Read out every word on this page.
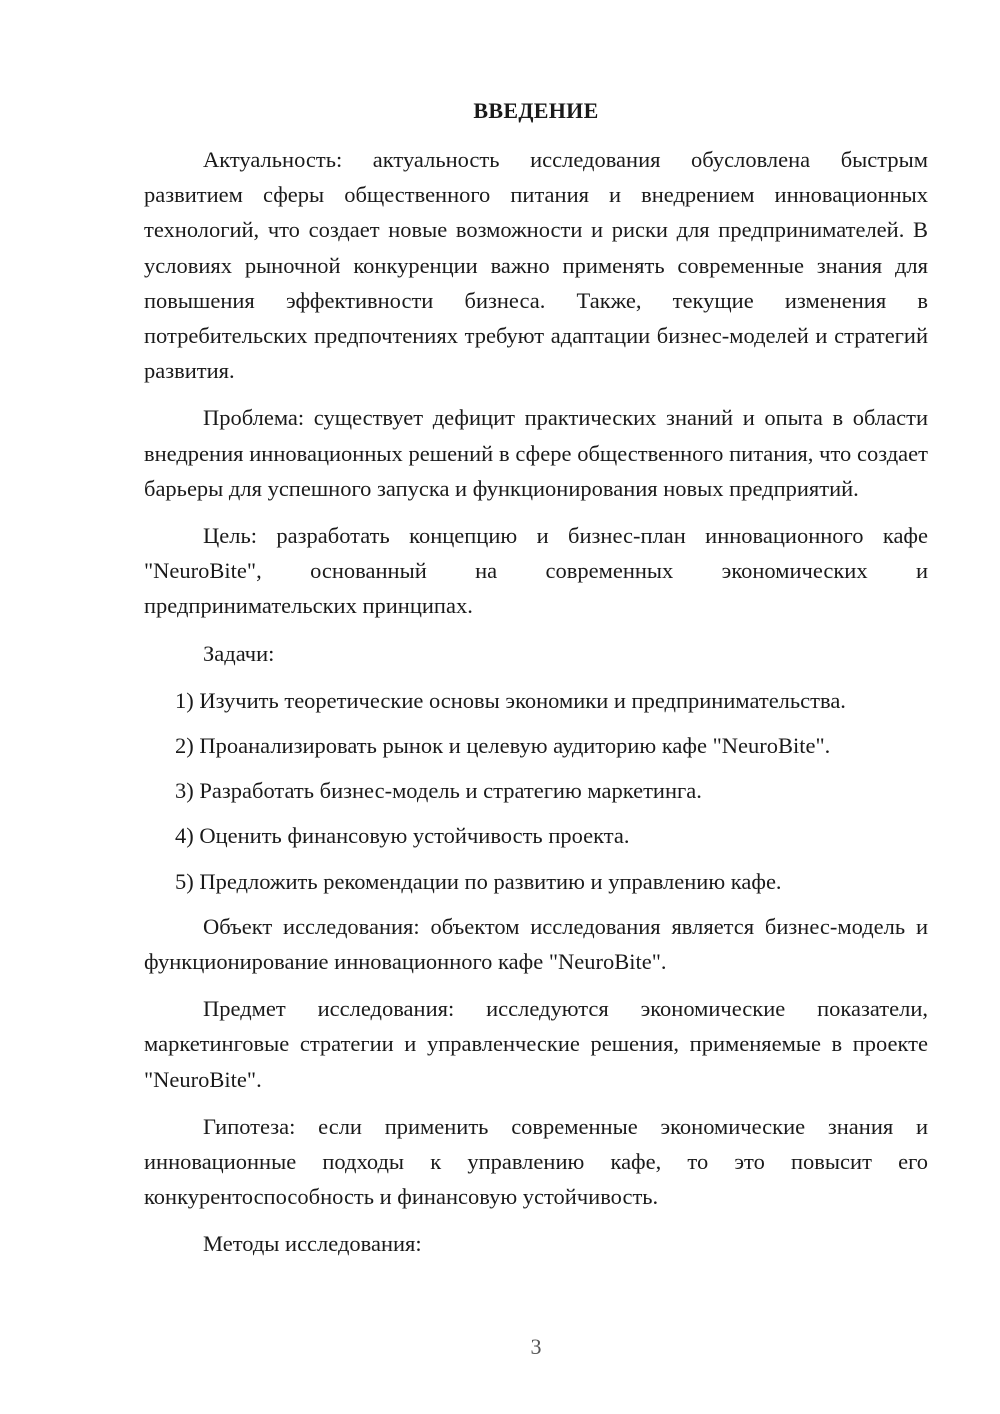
ВВЕДЕНИЕ

Актуальность: актуальность исследования обусловлена быстрым развитием сферы общественного питания и внедрением инновационных технологий, что создает новые возможности и риски для предпринимателей. В условиях рыночной конкуренции важно применять современные знания для повышения эффективности бизнеса. Также, текущие изменения в потребительских предпочтениях требуют адаптации бизнес-моделей и стратегий развития.

Проблема: существует дефицит практических знаний и опыта в области внедрения инновационных решений в сфере общественного питания, что создает барьеры для успешного запуска и функционирования новых предприятий.

Цель: разработать концепцию и бизнес-план инновационного кафе "NeuroBite", основанный на современных экономических и предпринимательских принципах.

Задачи:

1) Изучить теоретические основы экономики и предпринимательства.
2) Проанализировать рынок и целевую аудиторию кафе "NeuroBite".
3) Разработать бизнес-модель и стратегию маркетинга.
4) Оценить финансовую устойчивость проекта.
5) Предложить рекомендации по развитию и управлению кафе.

Объект исследования: объектом исследования является бизнес-модель и функционирование инновационного кафе "NeuroBite".

Предмет исследования: исследуются экономические показатели, маркетинговые стратегии и управленческие решения, применяемые в проекте "NeuroBite".

Гипотеза: если применить современные экономические знания и инновационные подходы к управлению кафе, то это повысит его конкурентоспособность и финансовую устойчивость.

Методы исследования:

3
